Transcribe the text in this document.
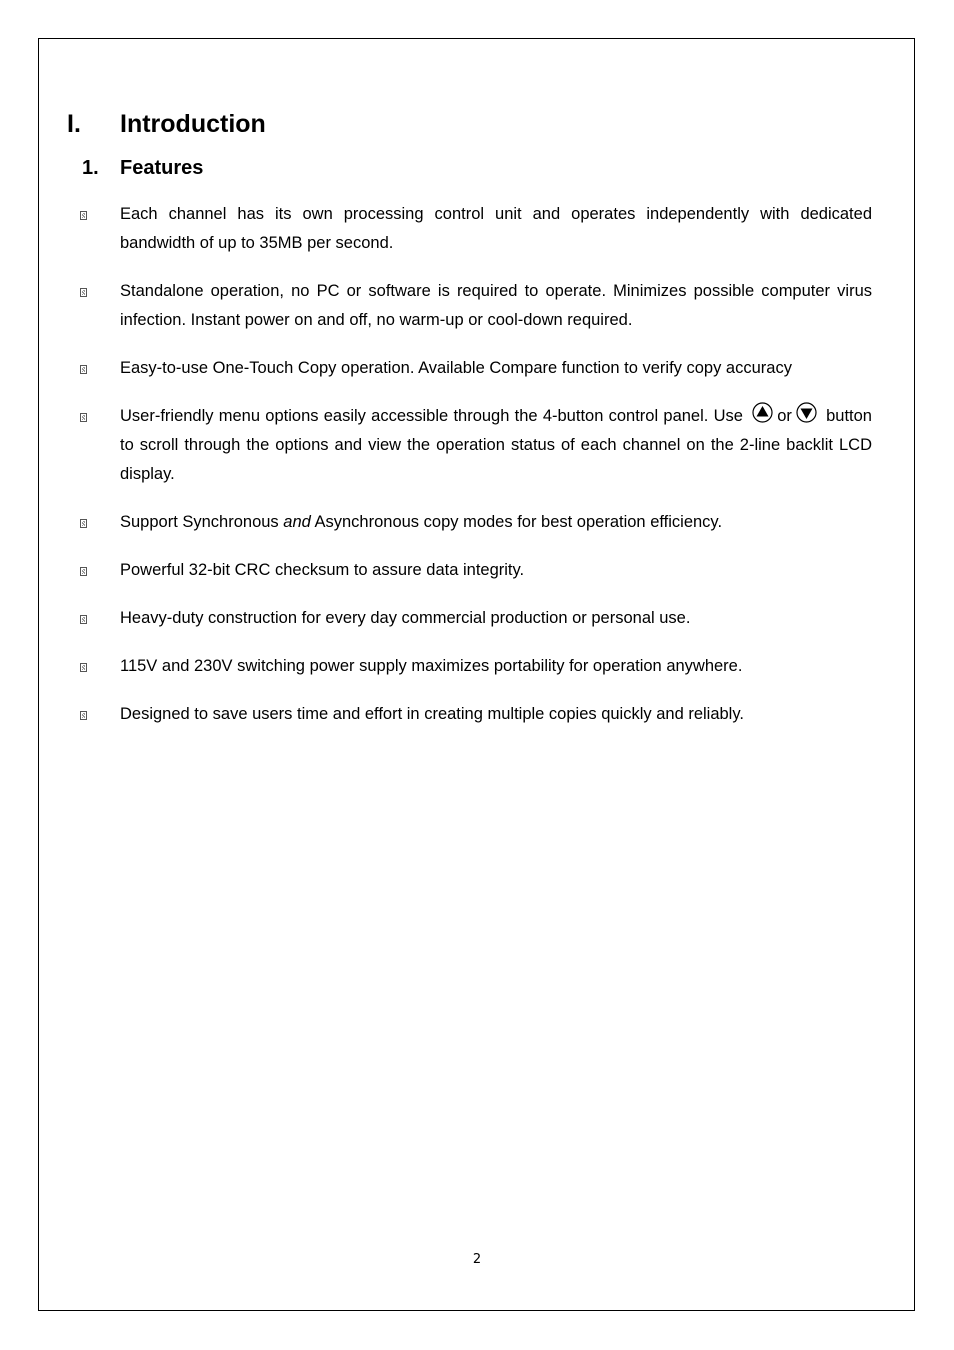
I. Introduction
1. Features
Each channel has its own processing control unit and operates independently with dedicated bandwidth of up to 35MB per second.
Standalone operation, no PC or software is required to operate. Minimizes possible computer virus infection. Instant power on and off, no warm-up or cool-down required.
Easy-to-use One-Touch Copy operation. Available Compare function to verify copy accuracy
User-friendly menu options easily accessible through the 4-button control panel. Use or button to scroll through the options and view the operation status of each channel on the 2-line backlit LCD display.
Support Synchronous and Asynchronous copy modes for best operation efficiency.
Powerful 32-bit CRC checksum to assure data integrity.
Heavy-duty construction for every day commercial production or personal use.
115V and 230V switching power supply maximizes portability for operation anywhere.
Designed to save users time and effort in creating multiple copies quickly and reliably.
2
